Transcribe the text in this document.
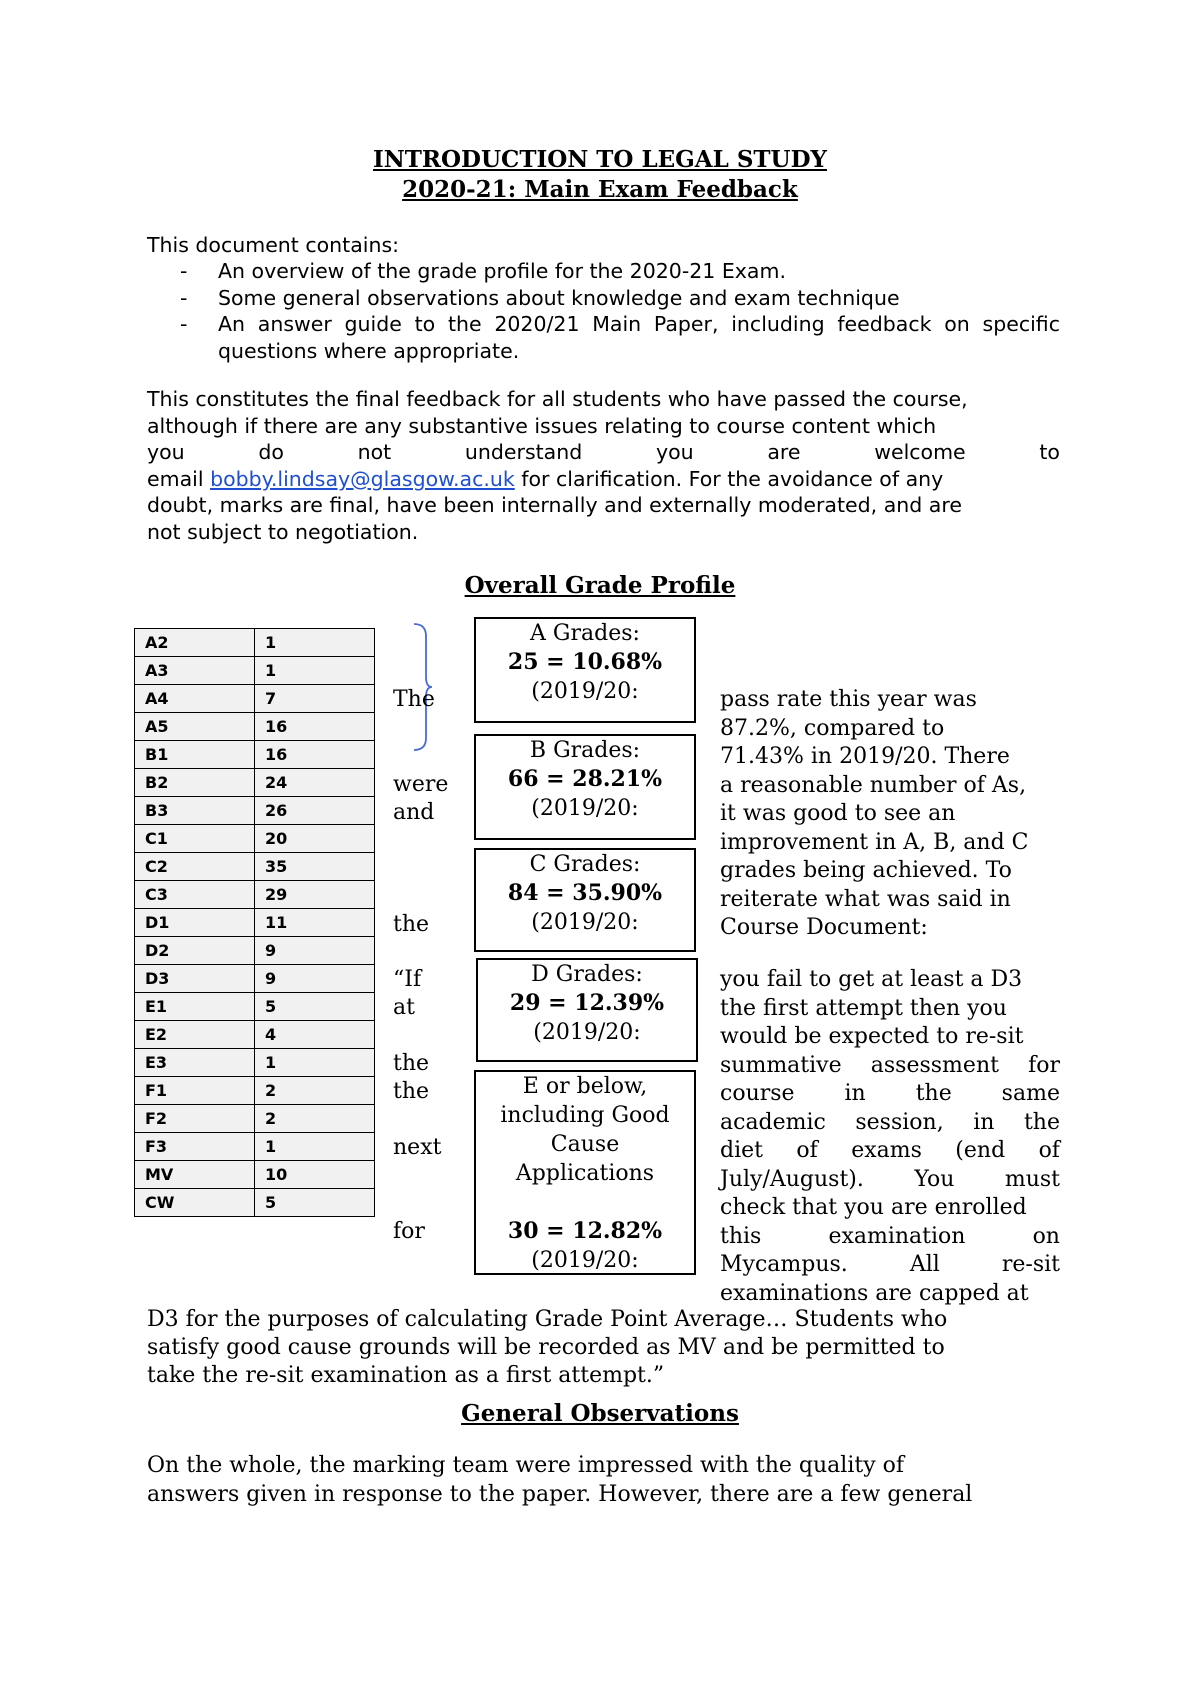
INTRODUCTION TO LEGAL STUDY
2020-21: Main Exam Feedback
This document contains:
- An overview of the grade profile for the 2020-21 Exam.
- Some general observations about knowledge and exam technique
- An answer guide to the 2020/21 Main Paper, including feedback on specific questions where appropriate.
This constitutes the final feedback for all students who have passed the course,
although if there are any substantive issues relating to course content which
you	do	not	understand	you	are	welcome	to
email bobby.lindsay@glasgow.ac.uk for clarification. For the avoidance of any
doubt, marks are final, have been internally and externally moderated, and are
not subject to negotiation.
Overall Grade Profile
A2	1
A3	1
A4	7
A5	16
B1	16
B2	24
B3	26
C1	20
C2	35
C3	29
D1	11
D2	9
D3	9
E1	5
E2	4
E3	1
F1	2
F2	2
F3	1
MV	10
CW	5
A Grades:
25 = 10.68%
(2019/20:
B Grades:
66 = 28.21%
(2019/20:
C Grades:
84 = 35.90%
(2019/20:
D Grades:
29 = 12.39%
(2019/20:
E or below,
including Good
Cause
Applications
30 = 12.82%
(2019/20:
The
were
and
the
“If
at
the
the
next
for
pass rate this year was
87.2%, compared to
71.43% in 2019/20. There
a reasonable number of As,
it was good to see an
improvement in A, B, and C
grades being achieved. To
reiterate what was said in
Course Document:
you fail to get at least a D3
the first attempt then you
would be expected to re-sit
summative assessment for
course in the same
academic session, in the
diet of exams (end of
July/August). You must
check that you are enrolled
this	examination	on
Mycampus.	All	re-sit
examinations are capped at
D3 for the purposes of calculating Grade Point Average… Students who
satisfy good cause grounds will be recorded as MV and be permitted to
take the re-sit examination as a first attempt.”
General Observations
On the whole, the marking team were impressed with the quality of
answers given in response to the paper. However, there are a few general
